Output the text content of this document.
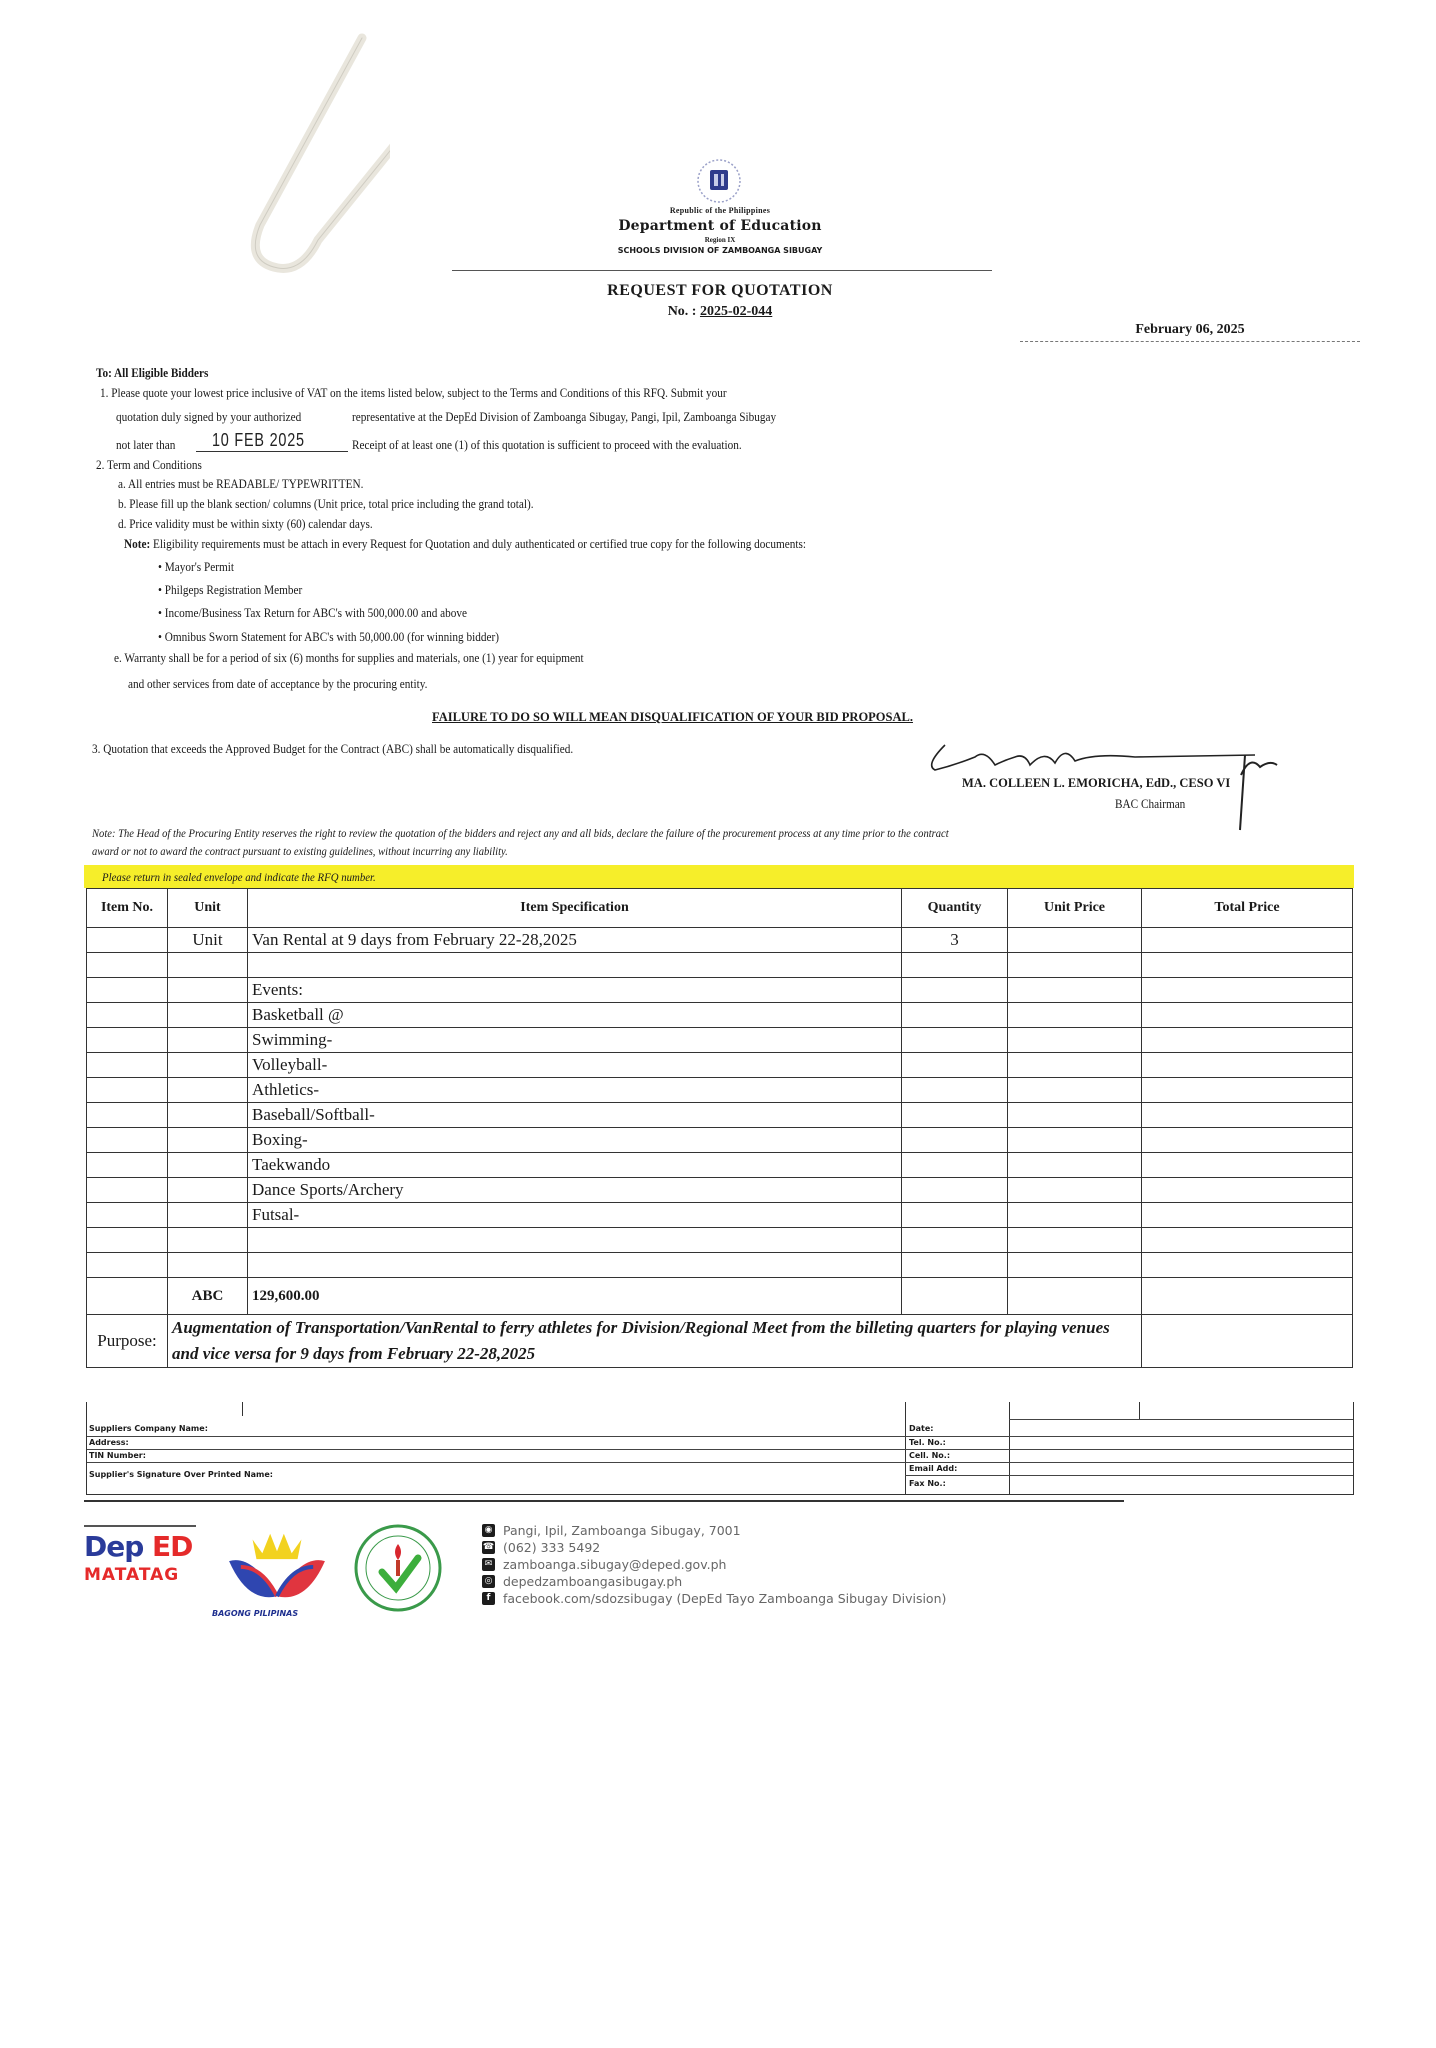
Republic of the Philippines
Department of Education
Region IX
SCHOOLS DIVISION OF ZAMBOANGA SIBUGAY
REQUEST FOR QUOTATION
No. : 2025-02-044
February 06, 2025
To: All Eligible Bidders
1. Please quote your lowest price inclusive of VAT on the items listed below, subject to the Terms and Conditions of this RFQ. Submit your
quotation duly signed by your authorized	representative at the DepEd Division of Zamboanga Sibugay, Pangi, Ipil, Zamboanga Sibugay
not later than 10 FEB 2025	Receipt of at least one (1) of this quotation is sufficient to proceed with the evaluation.
2. Term and Conditions
a. All entries must be READABLE/ TYPEWRITTEN.
b. Please fill up the blank section/ columns (Unit price, total price including the grand total).
d. Price validity must be within sixty (60) calendar days.
Note: Eligibility requirements must be attach in every Request for Quotation and duly authenticated or certified true copy for the following documents:
• Mayor's Permit
• Philgeps Registration Member
• Income/Business Tax Return for ABC's with 500,000.00 and above
• Omnibus Sworn Statement for ABC's with 50,000.00 (for winning bidder)
e. Warranty shall be for a period of six (6) months for supplies and materials, one (1) year for equipment
and other services from date of acceptance by the procuring entity.
FAILURE TO DO SO WILL MEAN DISQUALIFICATION OF YOUR BID PROPOSAL.
3. Quotation that exceeds the Approved Budget for the Contract (ABC) shall be automatically disqualified.
MA. COLLEEN L. EMORICHA, EdD., CESO VI
BAC Chairman
Note: The Head of the Procuring Entity reserves the right to review the quotation of the bidders and reject any and all bids, declare the failure of the procurement process at any time prior to the contract
award or not to award the contract pursuant to existing guidelines, without incurring any liability.
Please return in sealed envelope and indicate the RFQ number.
Item No.	Unit	Item Specification	Quantity	Unit Price	Total Price
	Unit	Van Rental at 9 days from February 22-28,2025	3		

		Events:			
		Basketball @			
		Swimming-			
		Volleyball-			
		Athletics-			
		Baseball/Softball-			
		Boxing-			
		Taekwando			
		Dance Sports/Archery			
		Futsal-			

	ABC	129,600.00			
Purpose:	Augmentation of Transportation/VanRental to ferry athletes for Division/Regional Meet from the billeting quarters for playing venues and vice versa for 9 days from February 22-28,2025				
Suppliers Company Name:
Address:
TIN Number:
Supplier's Signature Over Printed Name:
Date:
Tel. No.:
Cell. No.:
Email Add:
Fax No.:
Dep ED
MATATAG
BAGONG PILIPINAS
◉ Pangi, Ipil, Zamboanga Sibugay, 7001
☎ (062) 333 5492
✉ zamboanga.sibugay@deped.gov.ph
◎ depedzamboangasibugay.ph
f	facebook.com/sdozsibugay (DepEd Tayo Zamboanga Sibugay Division)
